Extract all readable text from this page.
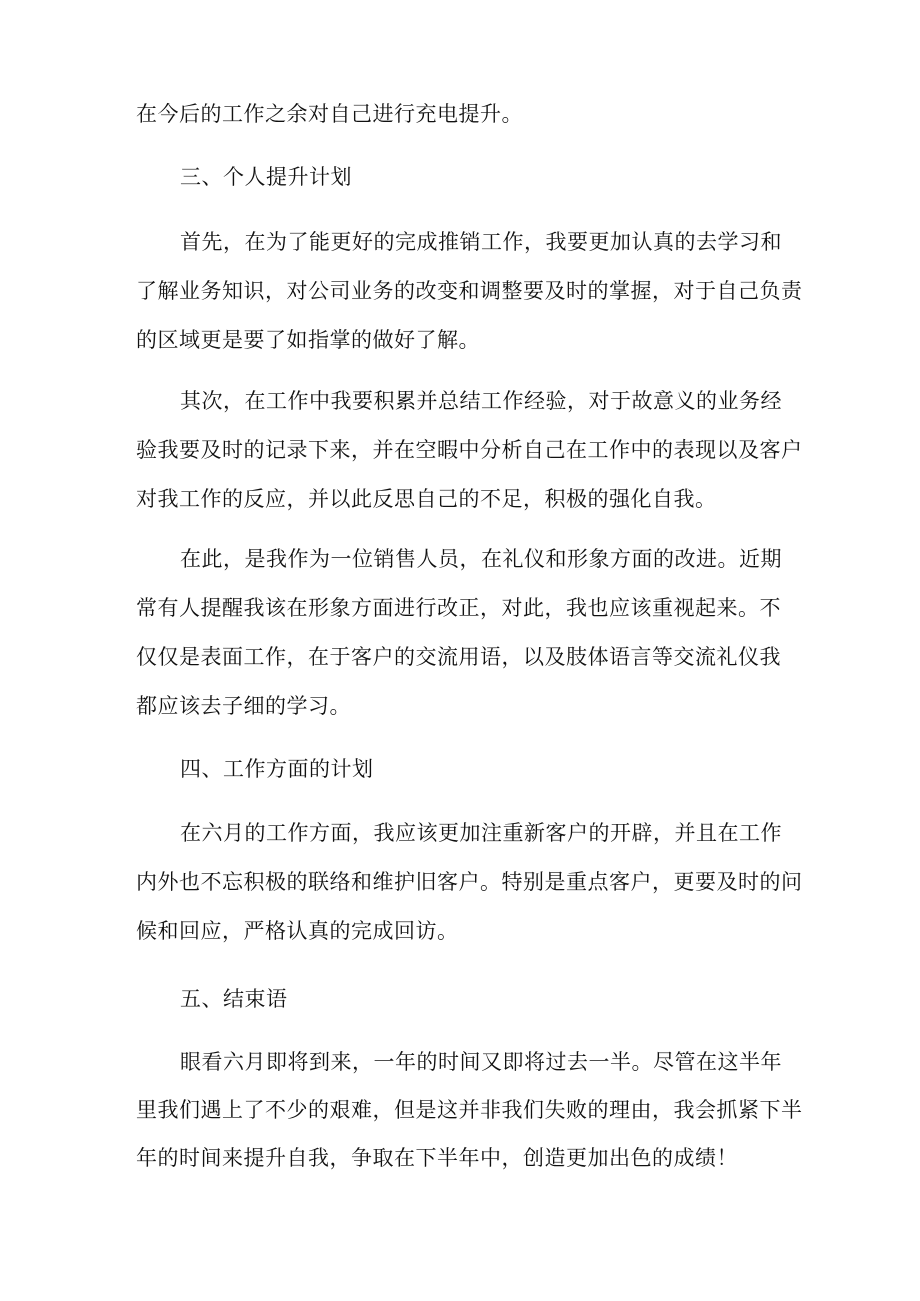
在今后的工作之余对自己进行充电提升。
三、个人提升计划
首先，在为了能更好的完成推销工作，我要更加认真的去学习和
了解业务知识，对公司业务的改变和调整要及时的掌握，对于自己负责
的区域更是要了如指掌的做好了解。
其次，在工作中我要积累并总结工作经验，对于故意义的业务经
验我要及时的记录下来，并在空暇中分析自己在工作中的表现以及客户
对我工作的反应，并以此反思自己的不足，积极的强化自我。
在此，是我作为一位销售人员，在礼仪和形象方面的改进。近期
常有人提醒我该在形象方面进行改正，对此，我也应该重视起来。不
仅仅是表面工作，在于客户的交流用语，以及肢体语言等交流礼仪我
都应该去子细的学习。
四、工作方面的计划
在六月的工作方面，我应该更加注重新客户的开辟，并且在工作
内外也不忘积极的联络和维护旧客户。特别是重点客户，更要及时的问
候和回应，严格认真的完成回访。
五、结束语
眼看六月即将到来，一年的时间又即将过去一半。尽管在这半年
里我们遇上了不少的艰难，但是这并非我们失败的理由，我会抓紧下半
年的时间来提升自我，争取在下半年中，创造更加出色的成绩！
